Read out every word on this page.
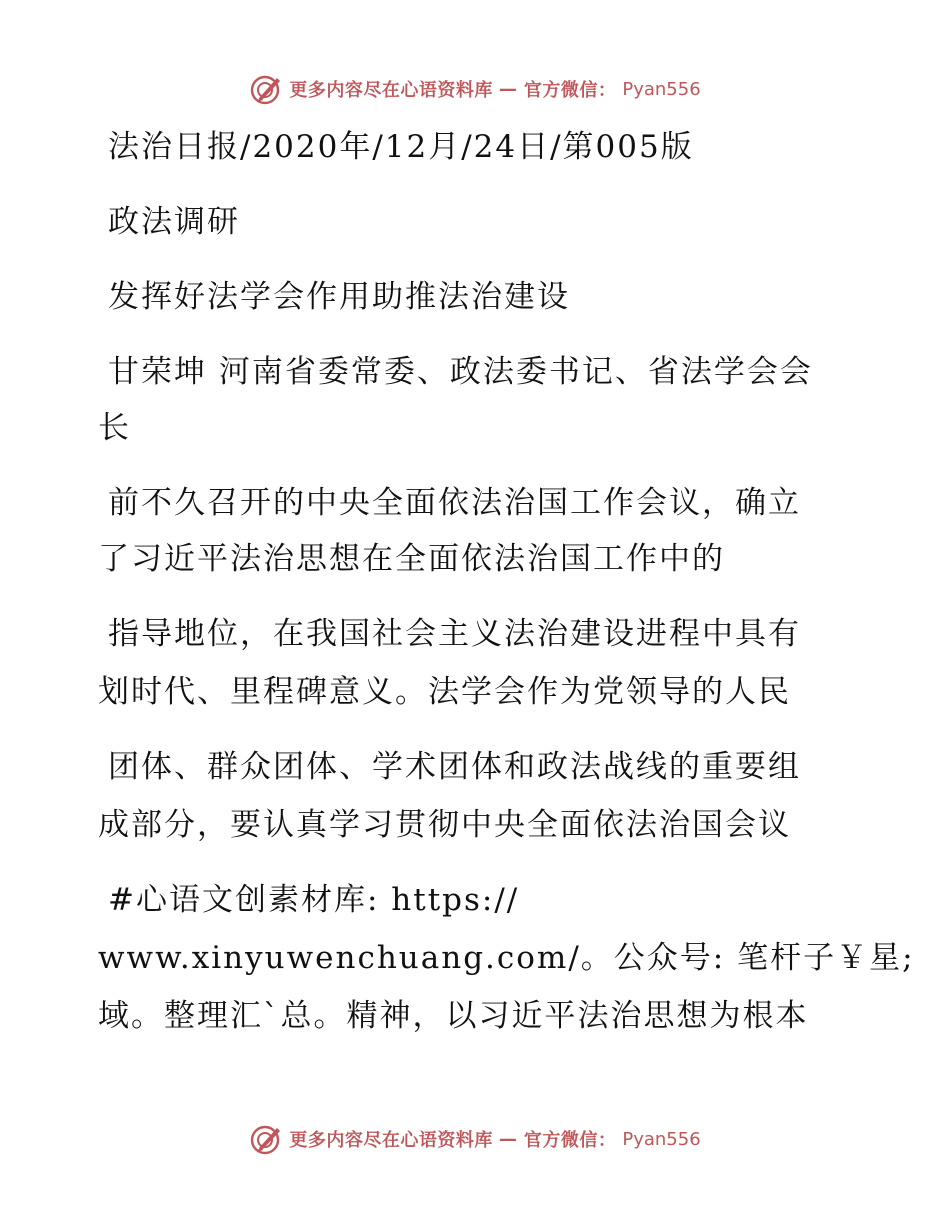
更多内容尽在心语资料库 — 官方微信： Pyan556
法治日报/2020年/12月/24日/第005版
政法调研
发挥好法学会作用助推法治建设
甘荣坤 河南省委常委、政法委书记、省法学会会
长
前不久召开的中央全面依法治国工作会议，确立
了习近平法治思想在全面依法治国工作中的
指导地位，在我国社会主义法治建设进程中具有
划时代、里程碑意义。法学会作为党领导的人民
团体、群众团体、学术团体和政法战线的重要组
成部分，要认真学习贯彻中央全面依法治国会议
#心语文创素材库: https://
www.xinyuwenchuang.com/。公众号: 笔杆子￥星;
域。整理汇`总。精神，以习近平法治思想为根本
更多内容尽在心语资料库 — 官方微信： Pyan556
